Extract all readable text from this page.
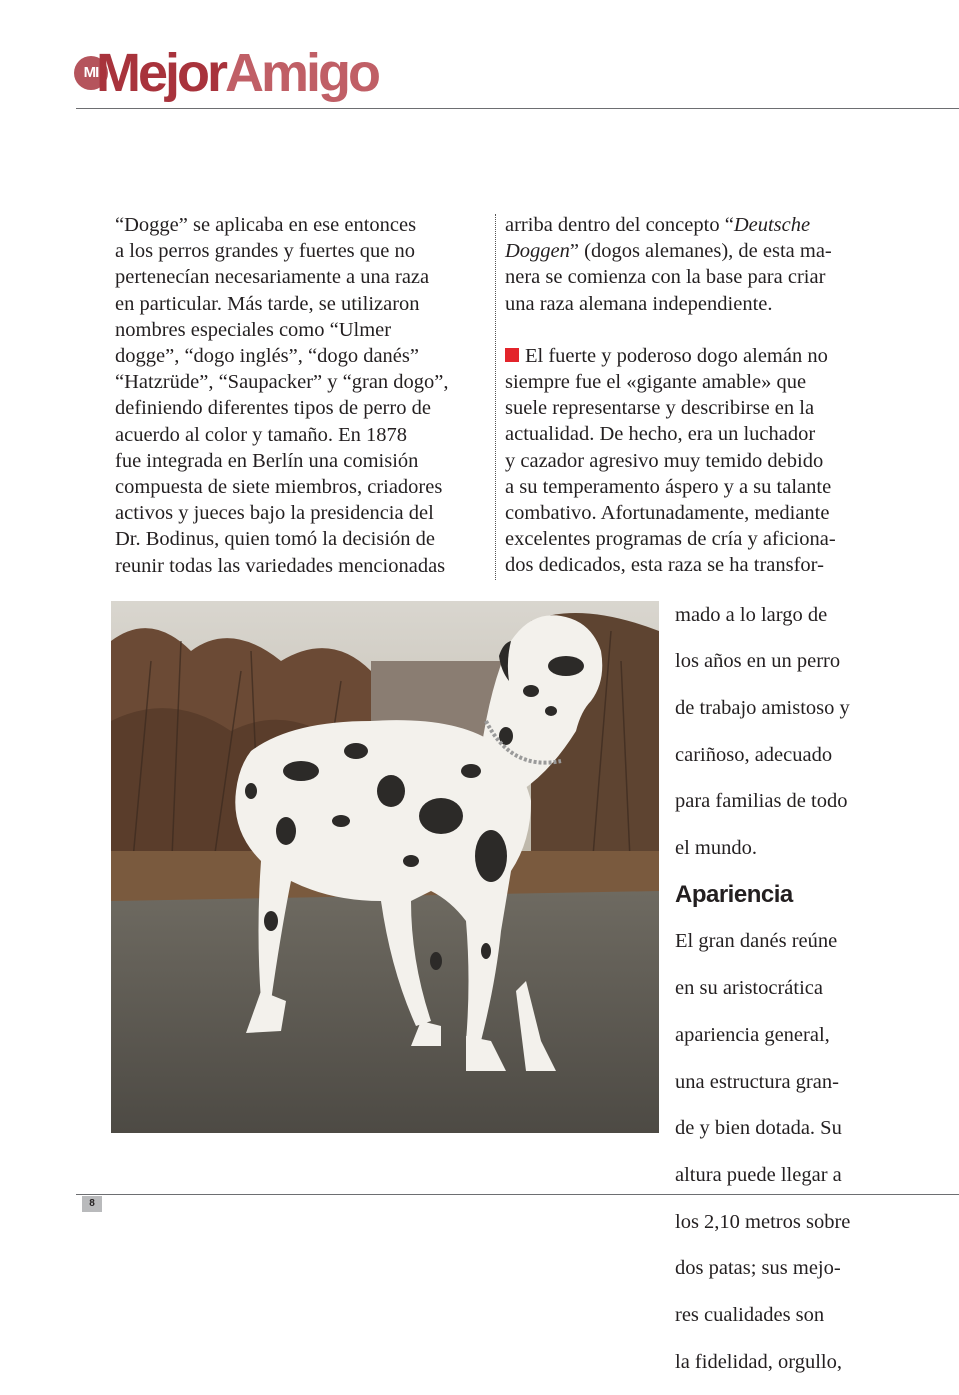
MI
MejorAmigo

“Dogge” se aplicaba en ese entonces

a los perros grandes y fuertes que no

pertenecían necesariamente a una raza

en particular. Más tarde, se utilizaron

nombres especiales como “Ulmer

dogge”, “dogo inglés”, “dogo danés”

“Hatzrüde”, “Saupacker” y “gran dogo”,

definiendo diferentes tipos de perro de

acuerdo al color y tamaño. En 1878

fue integrada en Berlín una comisión

compuesta de siete miembros, criadores

activos y jueces bajo la presidencia del

Dr. Bodinus, quien tomó la decisión de

reunir todas las variedades mencionadas

arriba dentro del concepto “Deutsche

Doggen” (dogos alemanes), de esta ma-

nera se comienza con la base para criar

una raza alemana independiente.

El fuerte y poderoso dogo alemán no

siempre fue el «gigante amable» que

suele representarse y describirse en la

actualidad. De hecho, era un luchador

y cazador agresivo muy temido debido

a su temperamento áspero y a su talante

combativo. Afortunadamente, mediante

excelentes programas de cría y aficiona-

dos dedicados, esta raza se ha transfor-

mado a lo largo de

los años en un perro

de trabajo amistoso y

cariñoso, adecuado

para familias de todo

el mundo.

Apariencia

El gran danés reúne

en su aristocrática

apariencia general,

una estructura gran-

de y bien dotada. Su

altura puede llegar a

los 2,10 metros sobre

dos patas; sus mejo-

res cualidades son

la fidelidad, orgullo,

8
